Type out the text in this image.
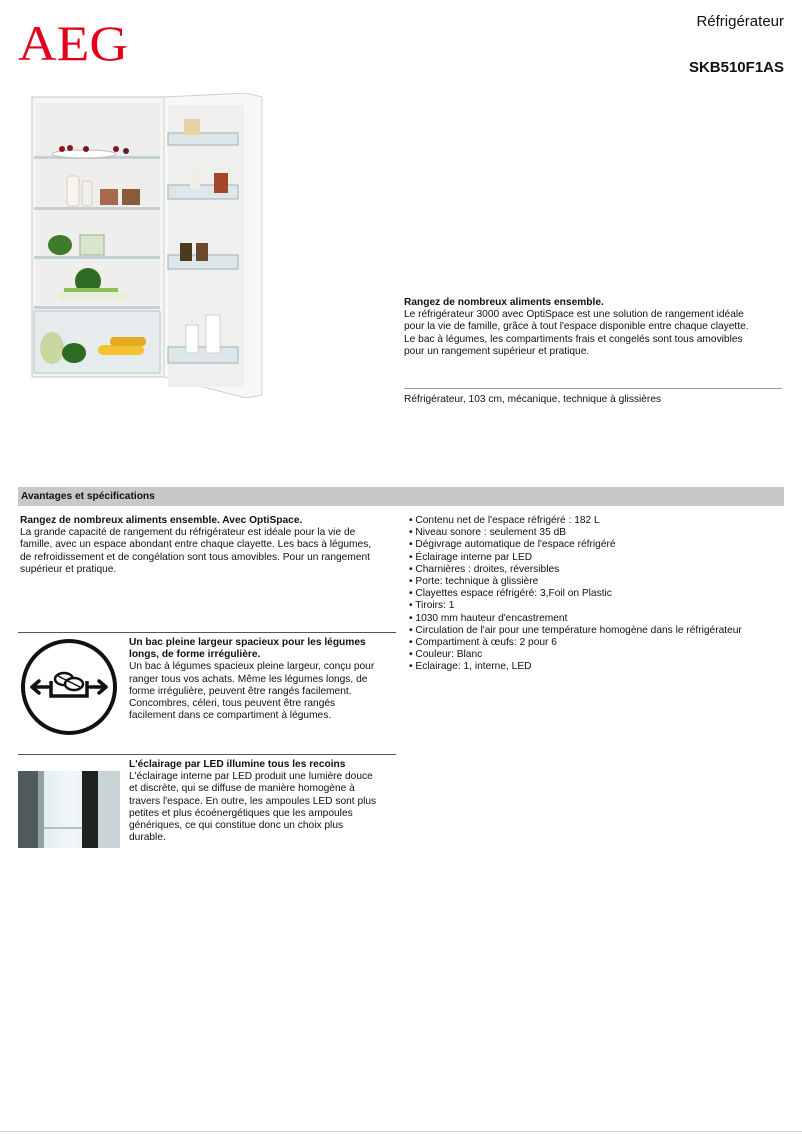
AEG	Réfrigérateur
SKB510F1AS
Rangez de nombreux aliments ensemble.
Le réfrigérateur 3000 avec OptiSpace est une solution de rangement idéale
pour la vie de famille, grâce à tout l'espace disponible entre chaque clayette.
Le bac à légumes, les compartiments frais et congelés sont tous amovibles
pour un rangement supérieur et pratique.
Réfrigérateur, 103 cm, mécanique, technique à glissières
Avantages et spécifications
Rangez de nombreux aliments ensemble. Avec OptiSpace.
La grande capacité de rangement du réfrigérateur est idéale pour la vie de
famille, avec un espace abondant entre chaque clayette. Les bacs à légumes,
de refroidissement et de congélation sont tous amovibles. Pour un rangement
supérieur et pratique.
• Contenu net de l'espace réfrigéré : 182 L
• Niveau sonore : seulement 35 dB
• Dégivrage automatique de l'espace réfrigéré
• Éclairage interne par LED
• Charnières : droites, réversibles
• Porte: technique à glissière
• Clayettes espace réfrigéré: 3,Foil on Plastic
• Tiroirs: 1
• 1030 mm hauteur d'encastrement
• Circulation de l'air pour une température homogène dans le réfrigérateur
• Compartiment à œufs: 2 pour 6
• Couleur: Blanc
• Eclairage: 1, interne, LED
Un bac pleine largeur spacieux pour les légumes
longs, de forme irrégulière.
Un bac à légumes spacieux pleine largeur, conçu pour
ranger tous vos achats. Même les légumes longs, de
forme irrégulière, peuvent être rangés facilement.
Concombres, céleri, tous peuvent être rangés
facilement dans ce compartiment à légumes.
L'éclairage par LED illumine tous les recoins
L'éclairage interne par LED produit une lumière douce
et discrète, qui se diffuse de manière homogène à
travers l'espace. En outre, les ampoules LED sont plus
petites et plus écoénergétiques que les ampoules
génériques, ce qui constitue donc un choix plus
durable.
